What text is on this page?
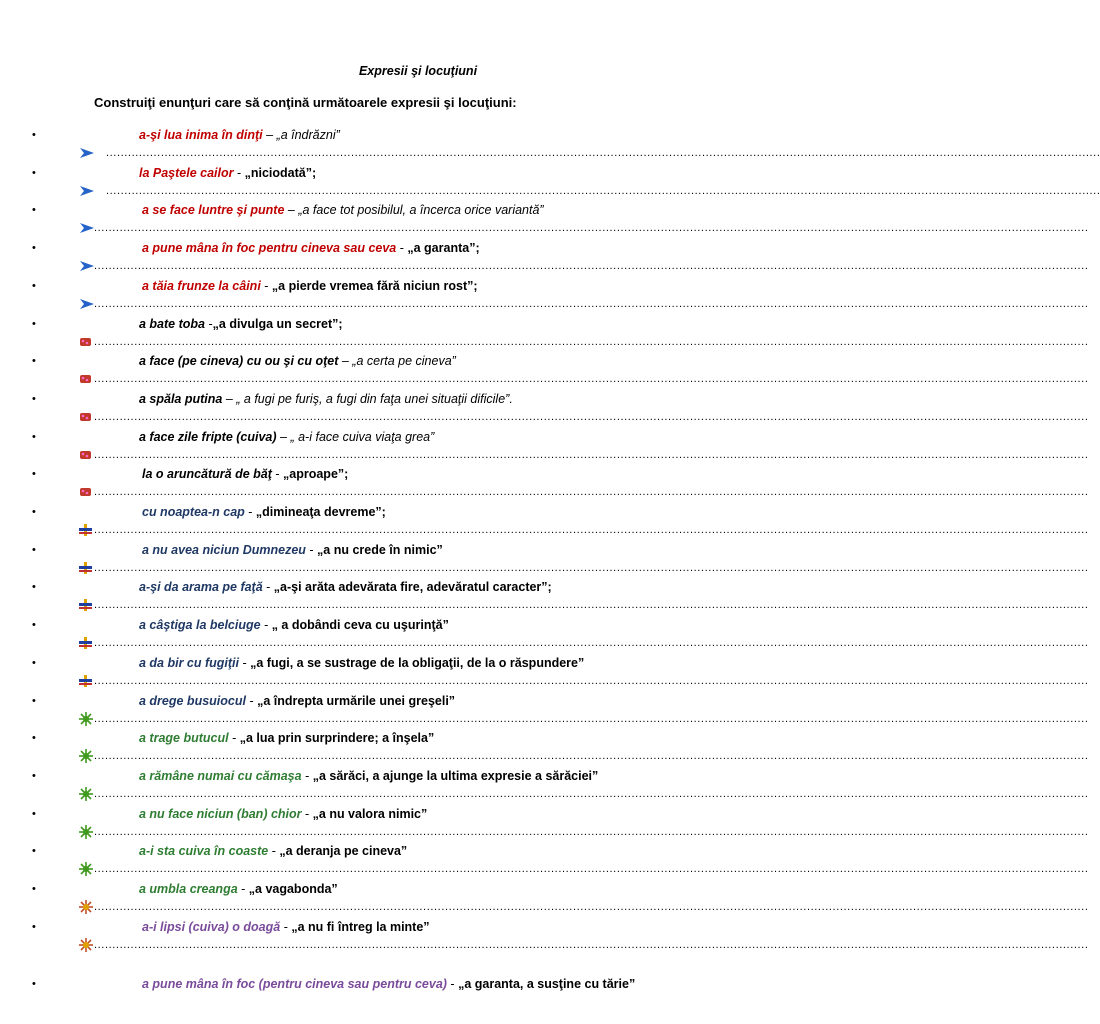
Expresii şi locuţiuni
Construiţi enunţuri care să conţină următoarele expresii şi locuţiuni:
•	a-şi lua inima în dinţi – „a îndrăzni”
................................................................................................................................................................................................................................................................................
•	la Paştele cailor - „niciodată”;
................................................................................................................................................................................................................................................................................
•	a se face luntre şi punte – „a face tot posibilul, a încerca orice variantă”
................................................................................................................................................................................................................................................................................
•	a pune mâna în foc pentru cineva sau ceva - „a garanta”;
................................................................................................................................................................................................................................................................................
•	a tăia frunze la câini - „a pierde vremea fără niciun rost”;
................................................................................................................................................................................................................................................................................
•	a bate toba -„a divulga un secret”;
................................................................................................................................................................................................................................................................................
•	a face (pe cineva) cu ou şi cu oţet – „a certa pe cineva”
................................................................................................................................................................................................................................................................................
•	a spăla putina – „ a fugi pe furiş, a fugi din faţa unei situaţii dificile”.
................................................................................................................................................................................................................................................................................
•	a face zile fripte (cuiva) – „ a-i face cuiva viaţa grea”
................................................................................................................................................................................................................................................................................
•	la o aruncătură de băţ - „aproape”;
................................................................................................................................................................................................................................................................................
•	cu noaptea-n cap - „dimineaţa devreme”;
................................................................................................................................................................................................................................................................................
•	a nu avea niciun Dumnezeu - „a nu crede în nimic”
................................................................................................................................................................................................................................................................................
•	a-şi da arama pe faţă - „a-şi arăta adevărata fire, adevăratul caracter”;
................................................................................................................................................................................................................................................................................
•	a câştiga la belciuge - „ a dobândi ceva cu uşurinţă”
................................................................................................................................................................................................................................................................................
•	a da bir cu fugiţii - „a fugi, a se sustrage de la obligaţii, de la o răspundere”
................................................................................................................................................................................................................................................................................
•	a drege busuiocul - „a îndrepta urmările unei greşeli”
................................................................................................................................................................................................................................................................................
•	a trage butucul - „a lua prin surprindere; a înşela”
................................................................................................................................................................................................................................................................................
•	a rămâne numai cu cămaşa - „a sărăci, a ajunge la ultima expresie a sărăciei”
................................................................................................................................................................................................................................................................................
•	a nu face niciun (ban) chior - „a nu valora nimic”
................................................................................................................................................................................................................................................................................
•	a-i sta cuiva în coaste - „a deranja pe cineva”
................................................................................................................................................................................................................................................................................
•	a umbla creanga - „a vagabonda”
................................................................................................................................................................................................................................................................................
•	a-i lipsi (cuiva) o doagă - „a nu fi întreg la minte”
................................................................................................................................................................................................................................................................................
•	a pune mâna în foc (pentru cineva sau pentru ceva) - „a garanta, a susţine cu tărie”
